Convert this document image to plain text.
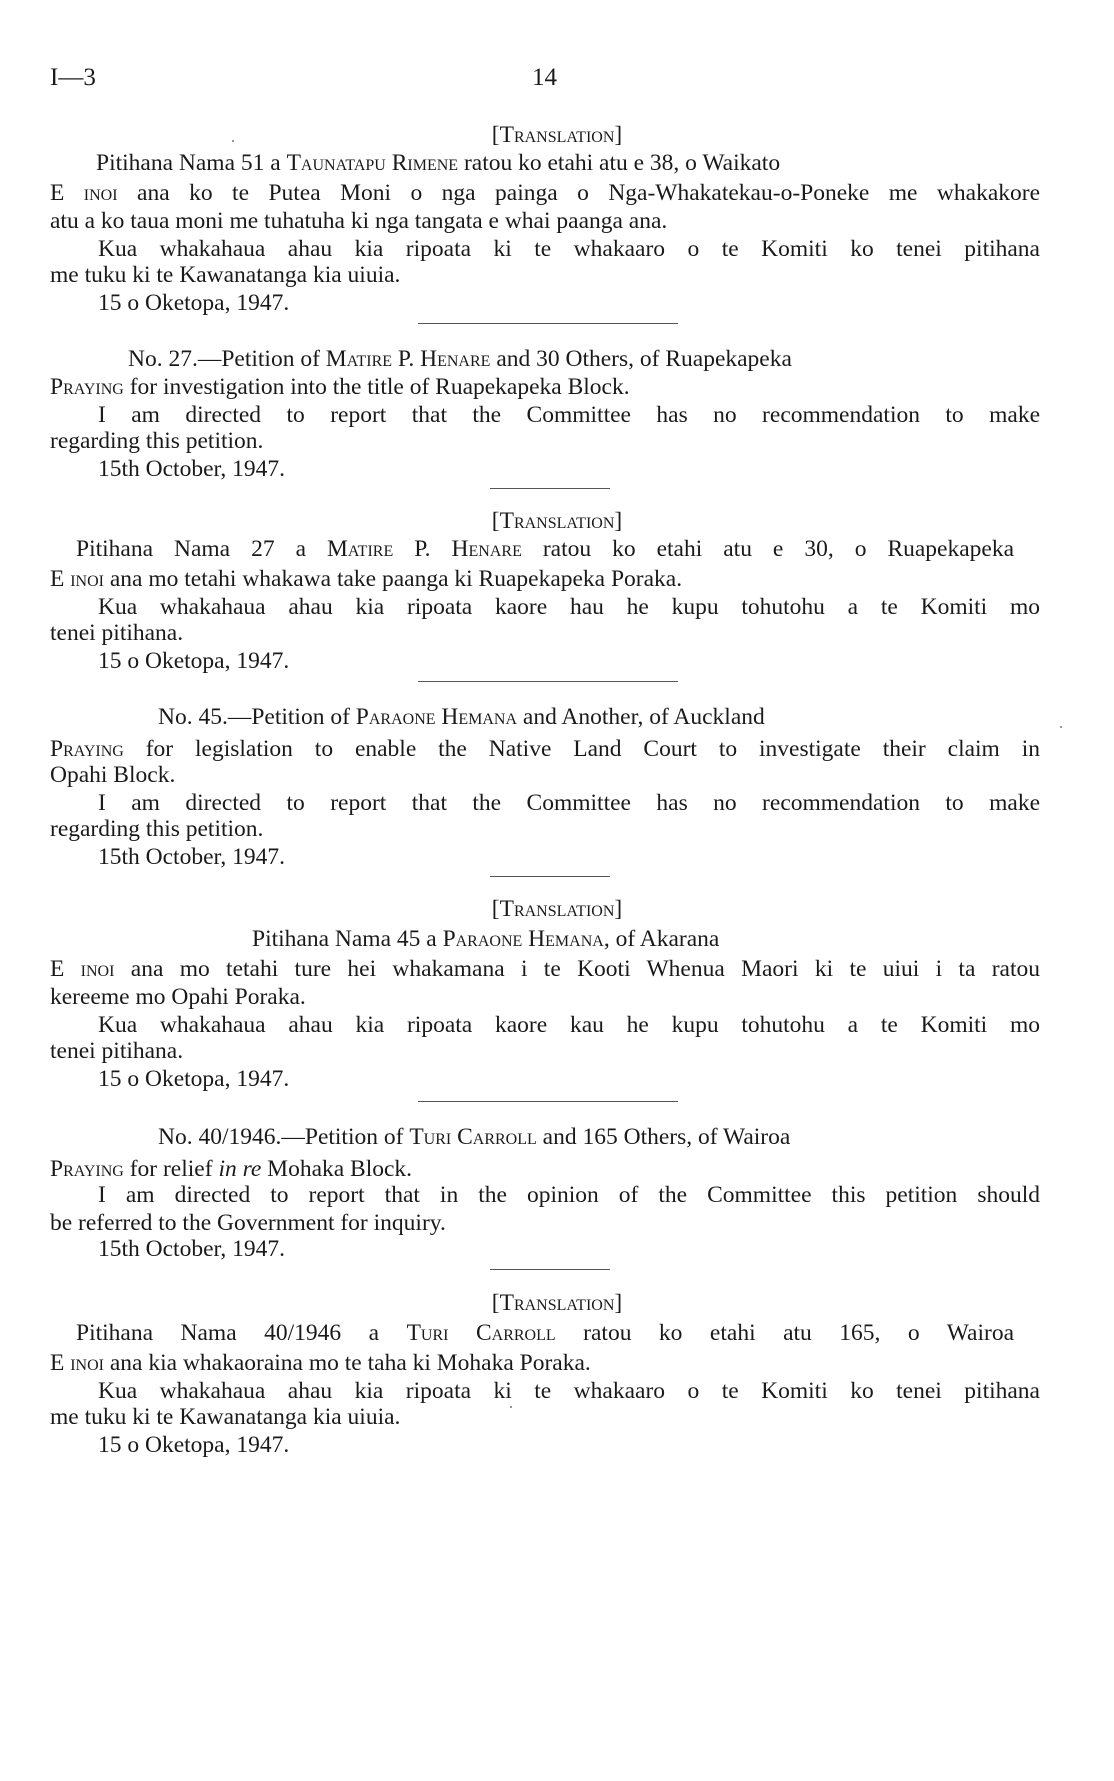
I—3	14

[Translation]

Pitihana Nama 51 a Taunatapu Rimene ratou ko etahi atu e 38, o Waikato

E inoi ana ko te Putea Moni o nga painga o Nga-Whakatekau-o-Poneke me whakakore

atu a ko taua moni me tuhatuha ki nga tangata e whai paanga ana.

Kua whakahaua ahau kia ripoata ki te whakaaro o te Komiti ko tenei pitihana

me tuku ki te Kawanatanga kia uiuia.

15 o Oketopa, 1947.

No. 27.—Petition of Matire P. Henare and 30 Others, of Ruapekapeka

Praying for investigation into the title of Ruapekapeka Block.

I am directed to report that the Committee has no recommendation to make

regarding this petition.

15th October, 1947.

[Translation]

Pitihana Nama 27 a Matire P. Henare ratou ko etahi atu e 30, o Ruapekapeka

E inoi ana mo tetahi whakawa take paanga ki Ruapekapeka Poraka.

Kua whakahaua ahau kia ripoata kaore hau he kupu tohutohu a te Komiti mo

tenei pitihana.

15 o Oketopa, 1947.

No. 45.—Petition of Paraone Hemana and Another, of Auckland

Praying for legislation to enable the Native Land Court to investigate their claim in

Opahi Block.

I am directed to report that the Committee has no recommendation to make

regarding this petition.

15th October, 1947.

[Translation]

Pitihana Nama 45 a Paraone Hemana, of Akarana

E inoi ana mo tetahi ture hei whakamana i te Kooti Whenua Maori ki te uiui i ta ratou

kereeme mo Opahi Poraka.

Kua whakahaua ahau kia ripoata kaore kau he kupu tohutohu a te Komiti mo

tenei pitihana.

15 o Oketopa, 1947.

No. 40/1946.—Petition of Turi Carroll and 165 Others, of Wairoa

Praying for relief in re Mohaka Block.

I am directed to report that in the opinion of the Committee this petition should

be referred to the Government for inquiry.

15th October, 1947.

[Translation]

Pitihana Nama 40/1946 a Turi Carroll ratou ko etahi atu 165, o Wairoa

E inoi ana kia whakaoraina mo te taha ki Mohaka Poraka.

Kua whakahaua ahau kia ripoata ki te whakaaro o te Komiti ko tenei pitihana

me tuku ki te Kawanatanga kia uiuia.

15 o Oketopa, 1947.
